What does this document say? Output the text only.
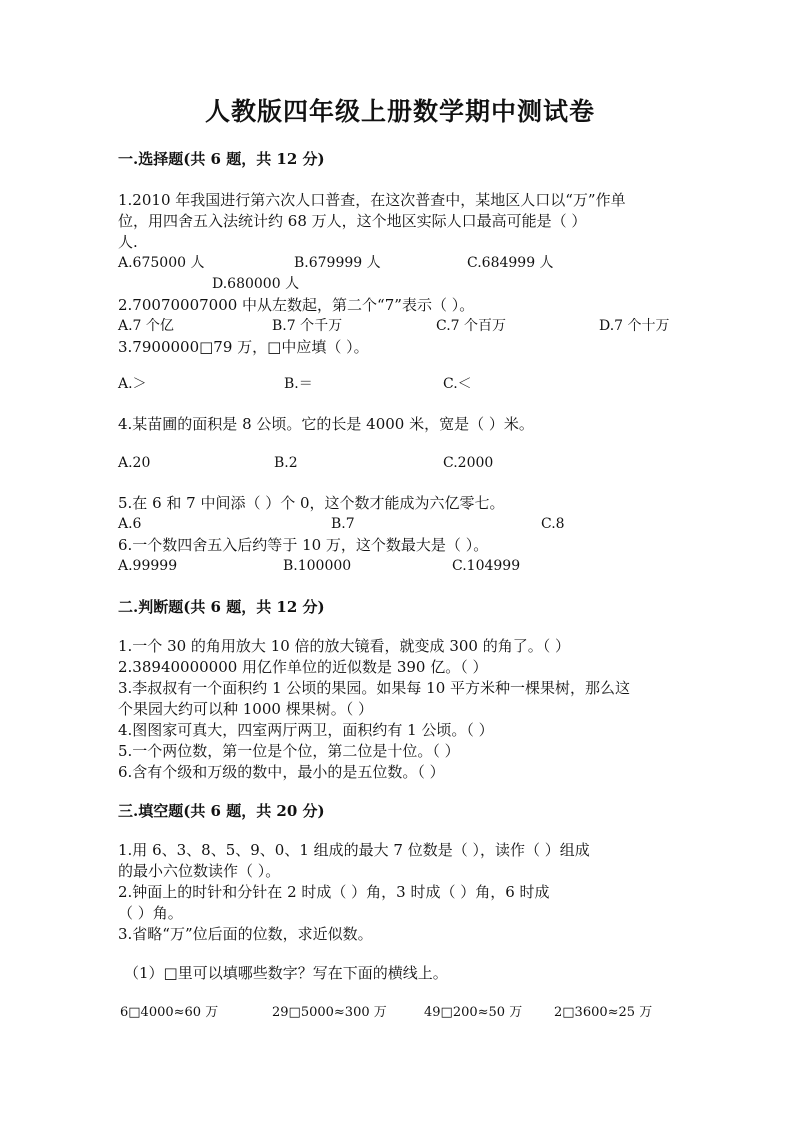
人教版四年级上册数学期中测试卷
一.选择题(共 6 题，共 12 分)
1.2010 年我国进行第六次人口普查，在这次普查中，某地区人口以“万”作单
位，用四舍五入法统计约 68 万人，这个地区实际人口最高可能是（ ）
人.
A.675000 人	B.679999 人	C.684999 人
D.680000 人
2.70070007000 中从左数起，第二个“7”表示（ ）。
A.7 个亿	B.7 个千万	C.7 个百万	D.7 个十万
3.7900000□79 万，□中应填（ ）。
A.＞	B.＝	C.＜
4.某苗圃的面积是 8 公顷。它的长是 4000 米，宽是（ ）米。
A.20	B.2	C.2000
5.在 6 和 7 中间添（ ）个 0，这个数才能成为六亿零七。
A.6	B.7	C.8
6.一个数四舍五入后约等于 10 万，这个数最大是（ ）。
A.99999	B.100000	C.104999
二.判断题(共 6 题，共 12 分)
1.一个 30 的角用放大 10 倍的放大镜看，就变成 300 的角了。（ ）
2.38940000000 用亿作单位的近似数是 390 亿。（ ）
3.李叔叔有一个面积约 1 公顷的果园。如果每 10 平方米种一棵果树，那么这
个果园大约可以种 1000 棵果树。（ ）
4.图图家可真大，四室两厅两卫，面积约有 1 公顷。（ ）
5.一个两位数，第一位是个位，第二位是十位。（ ）
6.含有个级和万级的数中，最小的是五位数。（ ）
三.填空题(共 6 题，共 20 分)
1.用 6、3、8、5、9、0、1 组成的最大 7 位数是（ ），读作（ ）组成
的最小六位数读作（ ）。
2.钟面上的时针和分针在 2 时成（ ）角，3 时成（ ）角，6 时成
（ ）角。
3.省略“万”位后面的位数，求近似数。
（1）□里可以填哪些数字？写在下面的横线上。
6□4000≈60 万	29□5000≈300 万	49□200≈50 万 2□3600≈25 万
